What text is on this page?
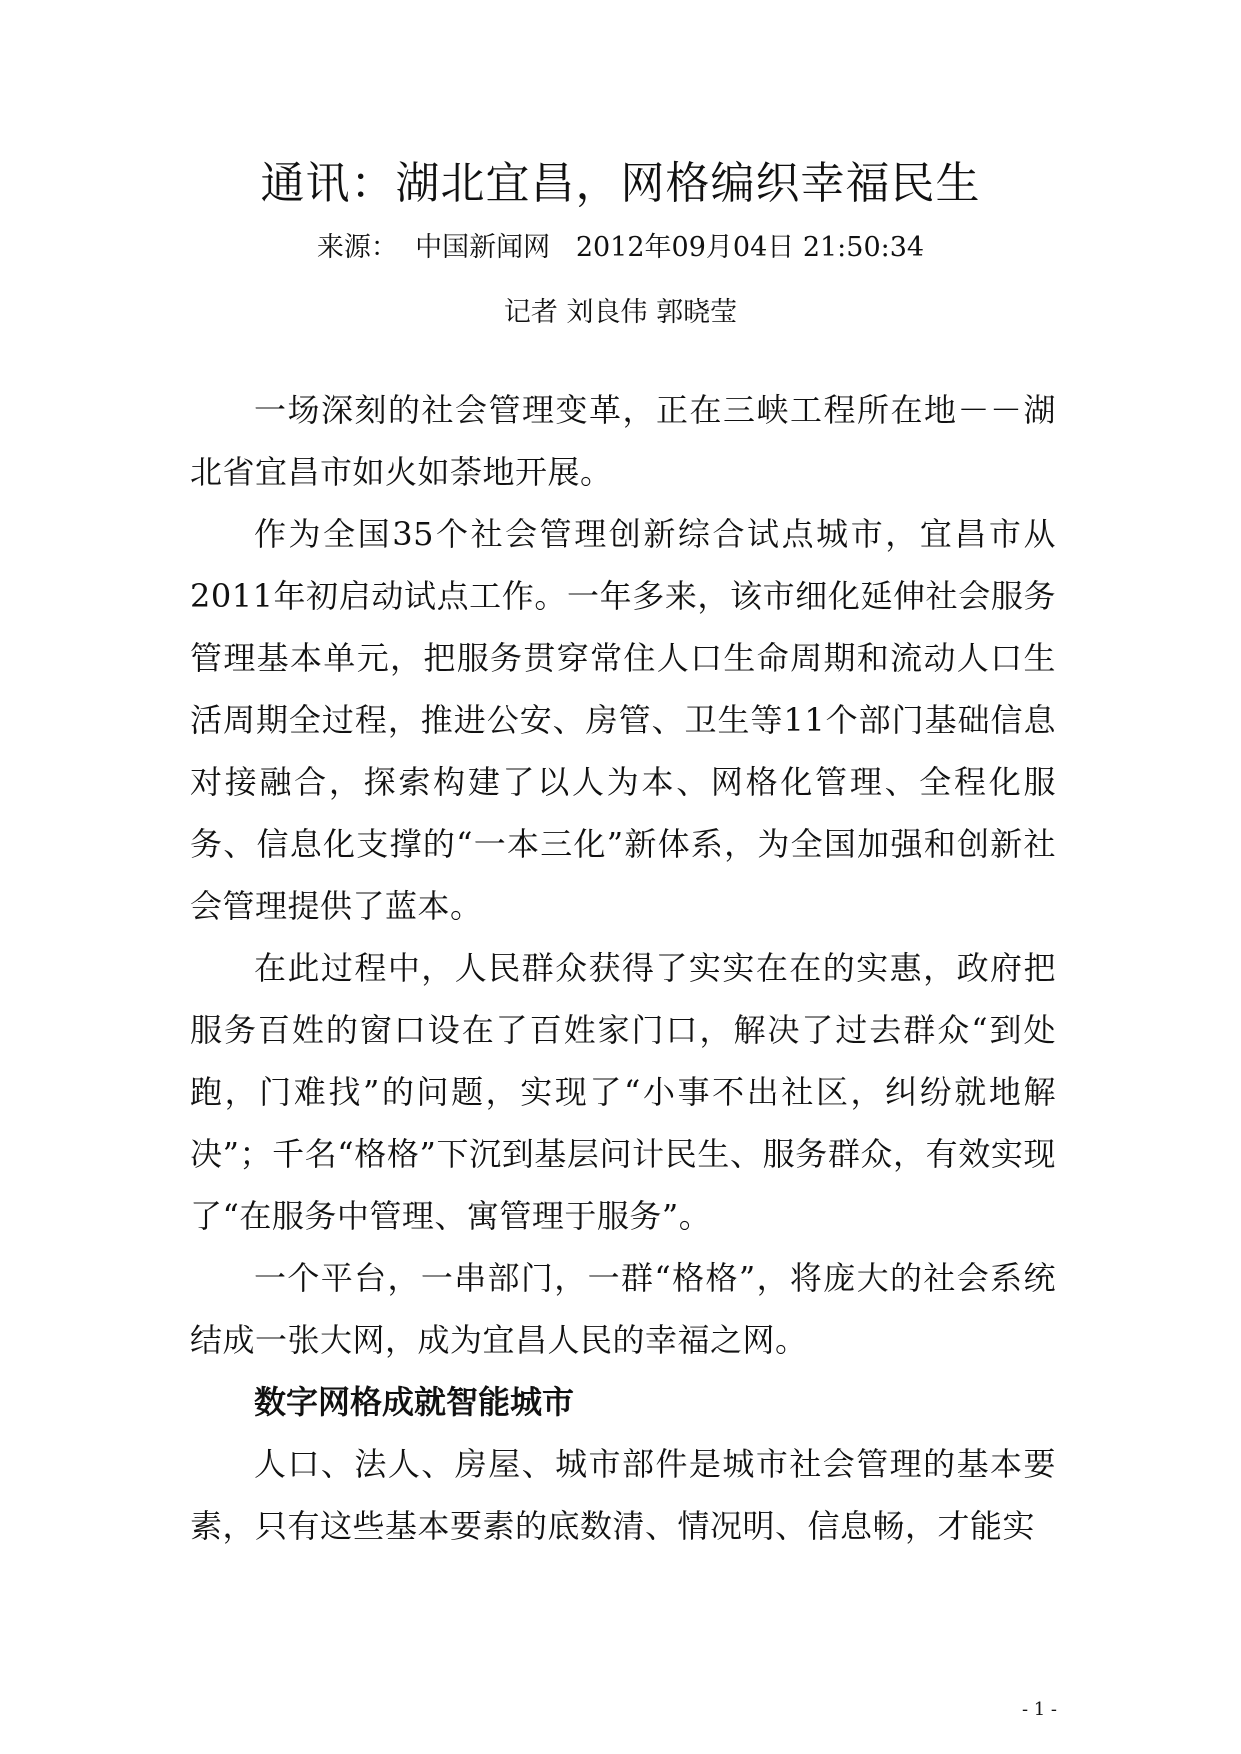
通讯：湖北宜昌，网格编织幸福民生
来源：  中国新闻网   2012年09月04日 21:50:34
记者 刘良伟 郭晓莹

一场深刻的社会管理变革，正在三峡工程所在地－－湖北省宜昌市如火如荼地开展。

作为全国35个社会管理创新综合试点城市，宜昌市从2011年初启动试点工作。一年多来，该市细化延伸社会服务管理基本单元，把服务贯穿常住人口生命周期和流动人口生活周期全过程，推进公安、房管、卫生等11个部门基础信息对接融合，探索构建了以人为本、网格化管理、全程化服务、信息化支撑的“一本三化”新体系，为全国加强和创新社会管理提供了蓝本。

在此过程中，人民群众获得了实实在在的实惠，政府把服务百姓的窗口设在了百姓家门口，解决了过去群众“到处跑，门难找”的问题，实现了“小事不出社区，纠纷就地解决”；千名“格格”下沉到基层问计民生、服务群众，有效实现了“在服务中管理、寓管理于服务”。

一个平台，一串部门，一群“格格”，将庞大的社会系统结成一张大网，成为宜昌人民的幸福之网。

数字网格成就智能城市

人口、法人、房屋、城市部件是城市社会管理的基本要素，只有这些基本要素的底数清、情况明、信息畅，才能实

- 1 -
